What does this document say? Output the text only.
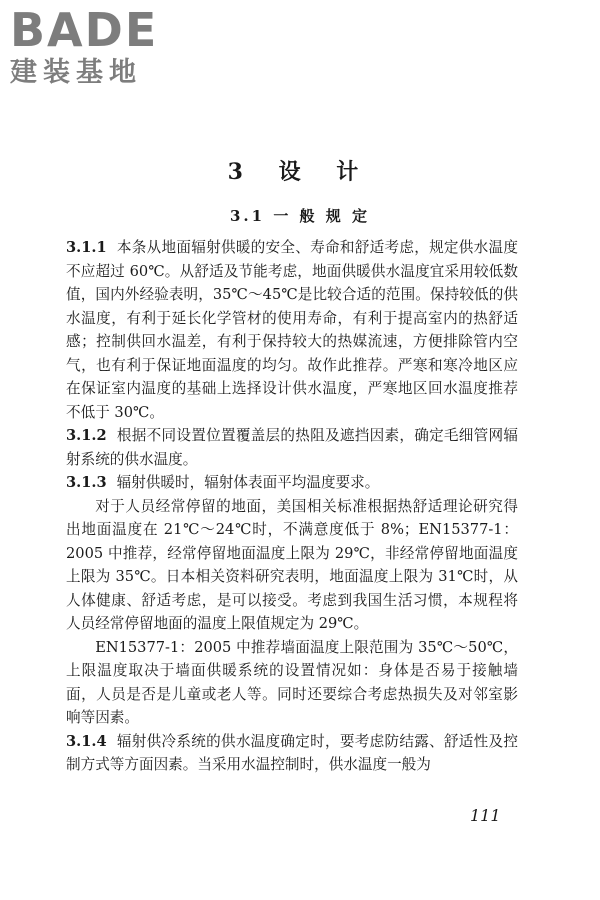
BADE
建装基地
3 设 计
3.1 一 般 规 定

3.1.1 本条从地面辐射供暖的安全、寿命和舒适考虑，规定供水温度不应超过 60℃。从舒适及节能考虑，地面供暖供水温度宜采用较低数值，国内外经验表明，35℃～45℃是比较合适的范围。保持较低的供水温度，有利于延长化学管材的使用寿命，有利于提高室内的热舒适感；控制供回水温差，有利于保持较大的热媒流速，方便排除管内空气，也有利于保证地面温度的均匀。故作此推荐。严寒和寒冷地区应在保证室内温度的基础上选择设计供水温度，严寒地区回水温度推荐不低于 30℃。

3.1.2 根据不同设置位置覆盖层的热阻及遮挡因素，确定毛细管网辐射系统的供水温度。

3.1.3 辐射供暖时，辐射体表面平均温度要求。

对于人员经常停留的地面，美国相关标准根据热舒适理论研究得出地面温度在 21℃～24℃时，不满意度低于 8%；EN15377-1：2005 中推荐，经常停留地面温度上限为 29℃，非经常停留地面温度上限为 35℃。日本相关资料研究表明，地面温度上限为 31℃时，从人体健康、舒适考虑，是可以接受。考虑到我国生活习惯，本规程将人员经常停留地面的温度上限值规定为 29℃。

EN15377-1：2005 中推荐墙面温度上限范围为 35℃～50℃，上限温度取决于墙面供暖系统的设置情况如：身体是否易于接触墙面，人员是否是儿童或老人等。同时还要综合考虑热损失及对邻室影响等因素。

3.1.4 辐射供冷系统的供水温度确定时，要考虑防结露、舒适性及控制方式等方面因素。当采用水温控制时，供水温度一般为

111
